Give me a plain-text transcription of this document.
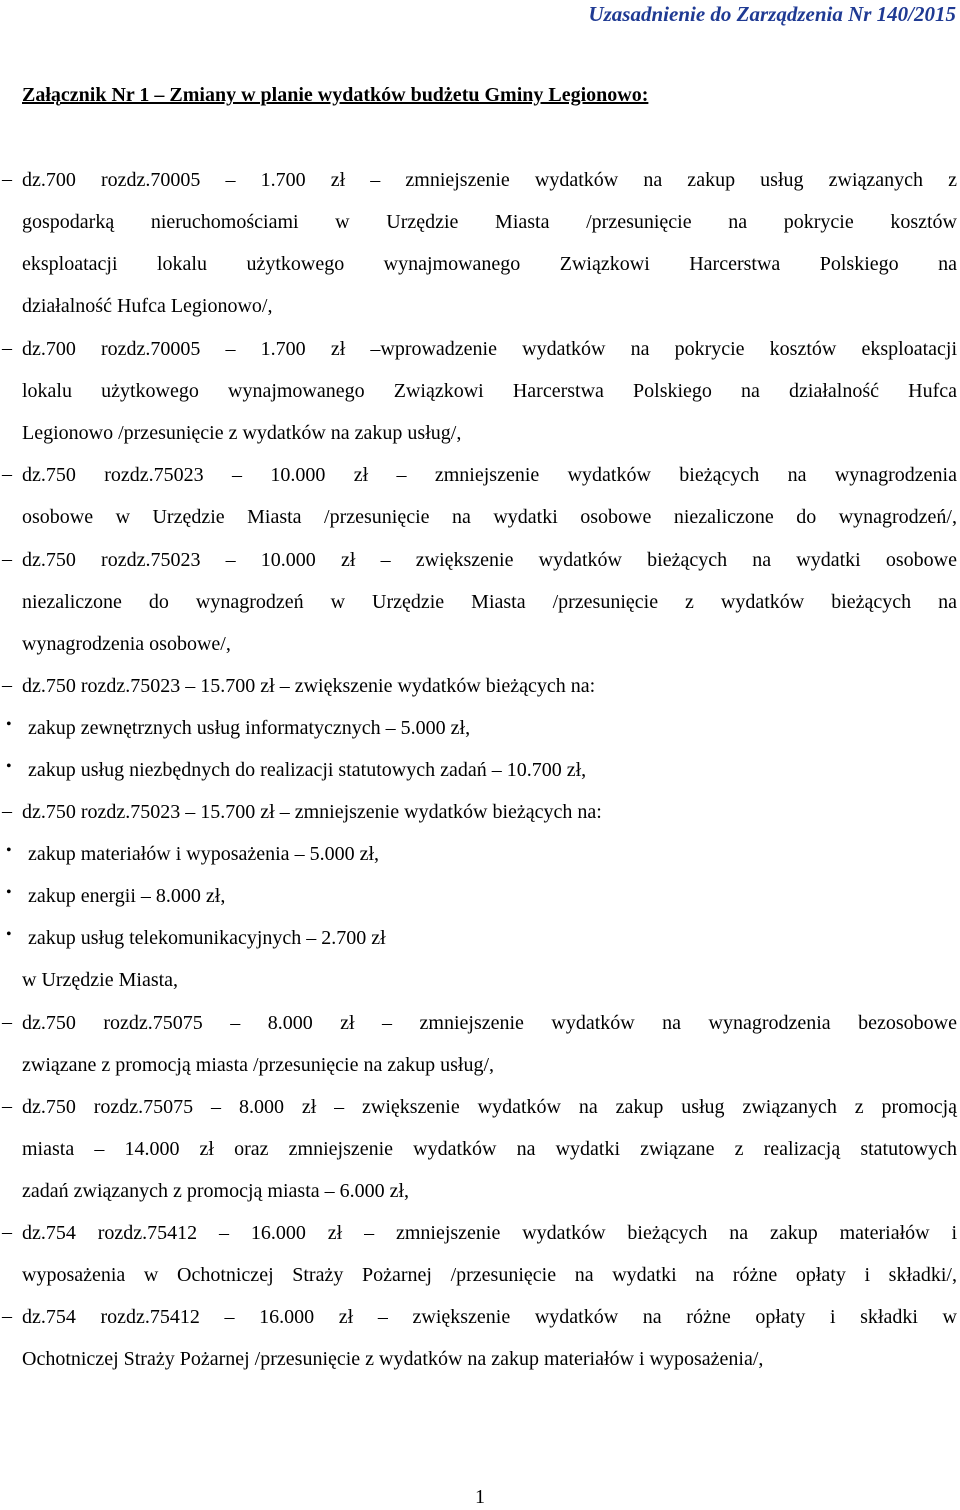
Uzasadnienie do Zarządzenia Nr 140/2015
Załącznik Nr 1 – Zmiany w planie wydatków budżetu Gminy Legionowo:
– dz.700 rozdz.70005 – 1.700 zł – zmniejszenie wydatków na zakup usług związanych z
gospodarką nieruchomościami w Urzędzie Miasta /przesunięcie na pokrycie kosztów
eksploatacji lokalu użytkowego wynajmowanego Związkowi Harcerstwa Polskiego na
działalność Hufca Legionowo/,
– dz.700 rozdz.70005 – 1.700 zł –wprowadzenie wydatków na pokrycie kosztów eksploatacji
lokalu użytkowego wynajmowanego Związkowi Harcerstwa Polskiego na działalność Hufca
Legionowo /przesunięcie z wydatków na zakup usług/,
– dz.750 rozdz.75023 – 10.000 zł – zmniejszenie wydatków bieżących na wynagrodzenia
osobowe w Urzędzie Miasta /przesunięcie na wydatki osobowe niezaliczone do wynagrodzeń/,
– dz.750 rozdz.75023 – 10.000 zł – zwiększenie wydatków bieżących na wydatki osobowe
niezaliczone do wynagrodzeń w Urzędzie Miasta /przesunięcie z wydatków bieżących na
wynagrodzenia osobowe/,
– dz.750 rozdz.75023 – 15.700 zł – zwiększenie wydatków bieżących na:
• zakup zewnętrznych usług informatycznych – 5.000 zł,
• zakup usług niezbędnych do realizacji statutowych zadań – 10.700 zł,
– dz.750 rozdz.75023 – 15.700 zł – zmniejszenie wydatków bieżących na:
• zakup materiałów i wyposażenia – 5.000 zł,
• zakup energii – 8.000 zł,
• zakup usług telekomunikacyjnych – 2.700 zł
w Urzędzie Miasta,
– dz.750 rozdz.75075 – 8.000 zł – zmniejszenie wydatków na wynagrodzenia bezosobowe
związane z promocją miasta /przesunięcie na zakup usług/,
– dz.750 rozdz.75075 – 8.000 zł – zwiększenie wydatków na zakup usług związanych z promocją
miasta – 14.000 zł oraz zmniejszenie wydatków na wydatki związane z realizacją statutowych
zadań związanych z promocją miasta – 6.000 zł,
– dz.754 rozdz.75412 – 16.000 zł – zmniejszenie wydatków bieżących na zakup materiałów i
wyposażenia w Ochotniczej Straży Pożarnej /przesunięcie na wydatki na różne opłaty i składki/,
– dz.754 rozdz.75412 – 16.000 zł – zwiększenie wydatków na różne opłaty i składki w
Ochotniczej Straży Pożarnej /przesunięcie z wydatków na zakup materiałów i wyposażenia/,
1
